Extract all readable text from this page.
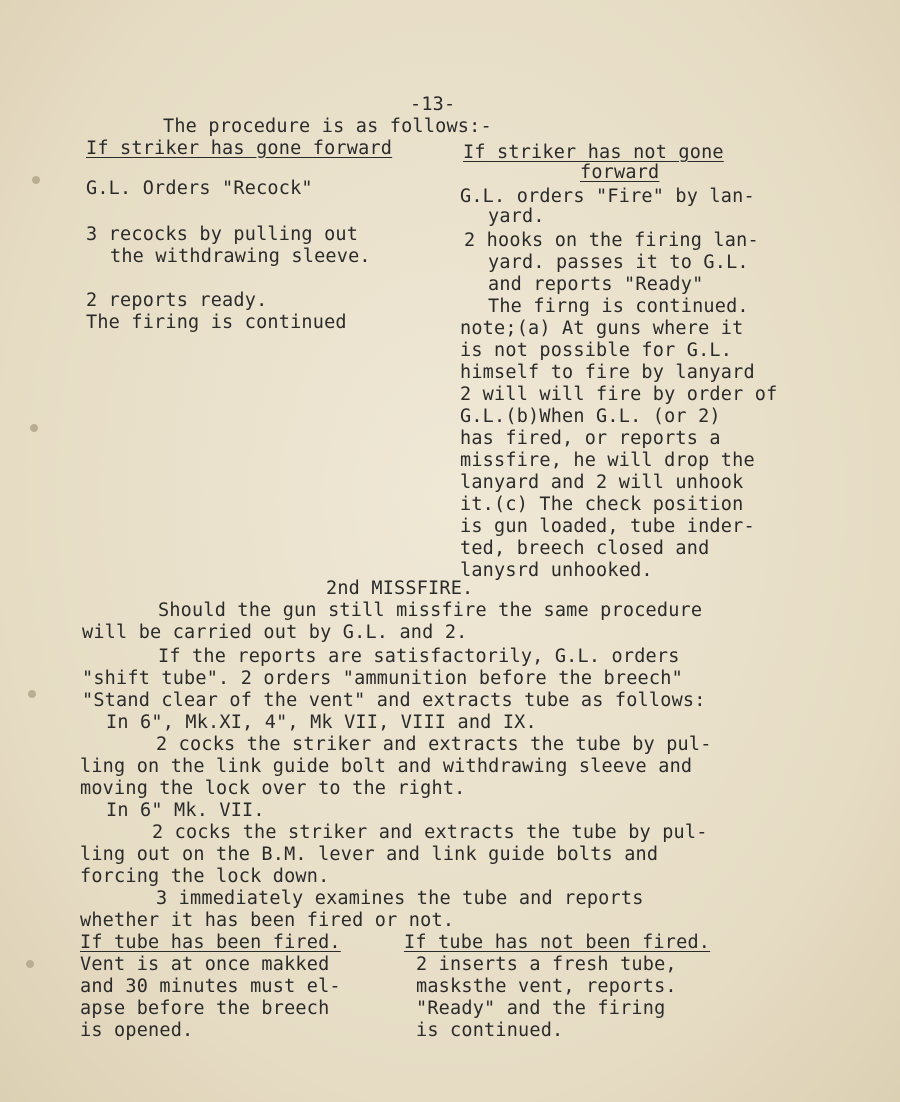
-13-
The procedure is as follows:-
If striker has gone forward	If striker has not gone
forward
G.L. Orders "Recock"
3 recocks by pulling out
the withdrawing sleeve.
2 reports ready.
The firing is continued
G.L. orders "Fire" by lan-
yard.
2 hooks on the firing lan-
yard. passes it to G.L.
and reports "Ready"
The firng is continued.
note;(a) At guns where it
is not possible for G.L.
himself to fire by lanyard
2 will will fire by order of
G.L.(b)When G.L. (or 2)
has fired, or reports a
missfire, he will drop the
lanyard and 2 will unhook
it.(c) The check position
is gun loaded, tube inder-
ted, breech closed and
lanysrd unhooked.
2nd MISSFIRE.
Should the gun still missfire the same procedure
will be carried out by G.L. and 2.
If the reports are satisfactorily, G.L. orders
"shift tube". 2 orders "ammunition before the breech"
"Stand clear of the vent" and extracts tube as follows:
In 6", Mk.XI, 4", Mk VII, VIII and IX.
2 cocks the striker and extracts the tube by pul-
ling on the link guide bolt and withdrawing sleeve and
moving the lock over to the right.
In 6" Mk. VII.
2 cocks the striker and extracts the tube by pul-
ling out on the B.M. lever and link guide bolts and
forcing the lock down.
3 immediately examines the tube and reports
whether it has been fired or not.
If tube has been fired.	If tube has not been fired.
Vent is at once makked
and 30 minutes must el-
apse before the breech
is opened.
2 inserts a fresh tube,
masksthe vent, reports.
"Ready" and the firing
is continued.
